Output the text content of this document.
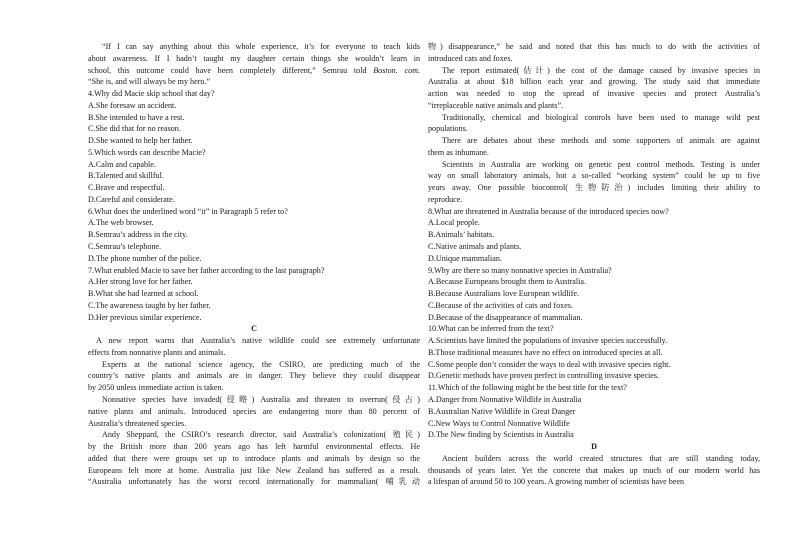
“If I can say anything about this whole experience, it’s for everyone to teach kids
about awareness. If I hadn’t taught my daughter certain things she wouldn’t learn in
school, this outcome could have been completely different,” Semrau told Boston. com.
“She is, and will always be my hero.”
4.Why did Macie skip school that day?
A.She foresaw an accident.
B.She intended to have a rest.
C.She did that for no reason.
D.She wanted to help her father.
5.Which words can describe Macie?
A.Calm and capable.
B.Talented and skillful.
C.Brave and respectful.
D.Careful and considerate.
6.What does the underlined word “it” in Paragraph 5 refer to?
A.The web browser.
B.Semrau’s address in the city.
C.Semrau’s telephone.
D.The phone number of the police.
7.What enabled Macie to save her father according to the last paragraph?
A.Her strong love for her father.
B.What she had learned at school.
C.The awareness taught by her father.
D.Her previous similar experience.
C
A new report warns that Australia’s native wildlife could see extremely unfortunate
effects from nonnative plants and animals.
Experts at the national science agency, the CSIRO, are predicting much of the
country’s native plants and animals are in danger. They believe they could disappear
by 2050 unless immediate action is taken.
Nonnative species have invaded(侵略) Australia and threaten to overrun(侵占)
native plants and animals. Introduced species are endangering more than 80 percent of
Australia’s threatened species.
Andy Sheppard, the CSIRO’s research director, said Australia’s colonization( 殖民)
by the British more than 200 years ago has left harmful environmental effects. He
added that there were groups set up to introduce plants and animals by design so the
Europeans felt more at home. Australia just like New Zealand has suffered as a result.
“Australia unfortunately has the worst record internationally for mammalian( 哺乳动
物) disappearance,” he said and noted that this has much to do with the activities of
introduced cats and foxes.
The report estimated(估计) the cost of the damage caused by invasive species in
Australia at about $18 billion each year and growing. The study said that immediate
action was needed to stop the spread of invasive species and protect Australia’s
“irreplaceable native animals and plants”.
Traditionally, chemical and biological controls have been used to manage wild pest
populations.
There are debates about these methods and some supporters of animals are against
them as inhumane.
Scientists in Australia are working on genetic pest control methods. Testing is under
way on small laboratory animals, but a so-called “working system” could be up to five
years away. One possible biocontrol( 生物防治) includes limiting their ability to
reproduce.
8.What are threatened in Australia because of the introduced species now?
A.Local people.
B.Animals’ habitats.
C.Native animals and plants.
D.Unique mammalian.
9.Why are there so many nonnative species in Australia?
A.Because Europeans brought them to Australia.
B.Because Australians love European wildlife.
C.Because of the activities of cats and foxes.
D.Because of the disappearance of mammalian.
10.What can be inferred from the text?
A.Scientists have limited the populations of invasive species successfully.
B.Those traditional measures have no effect on introduced species at all.
C.Some people don’t consider the ways to deal with invasive species right.
D.Genetic methods have proven perfect in controlling invasive species.
11.Which of the following might be the best title for the text?
A.Danger from Nonnative Wildlife in Australia
B.Australian Native Wildlife in Great Danger
C.New Ways to Control Nonnative Wildlife
D.The New finding by Scientists in Australia
D
Ancient builders across the world created structures that are still standing today,
thousands of years later. Yet the concrete that makes up much of our modern world has
a lifespan of around 50 to 100 years. A growing number of scientists have been
